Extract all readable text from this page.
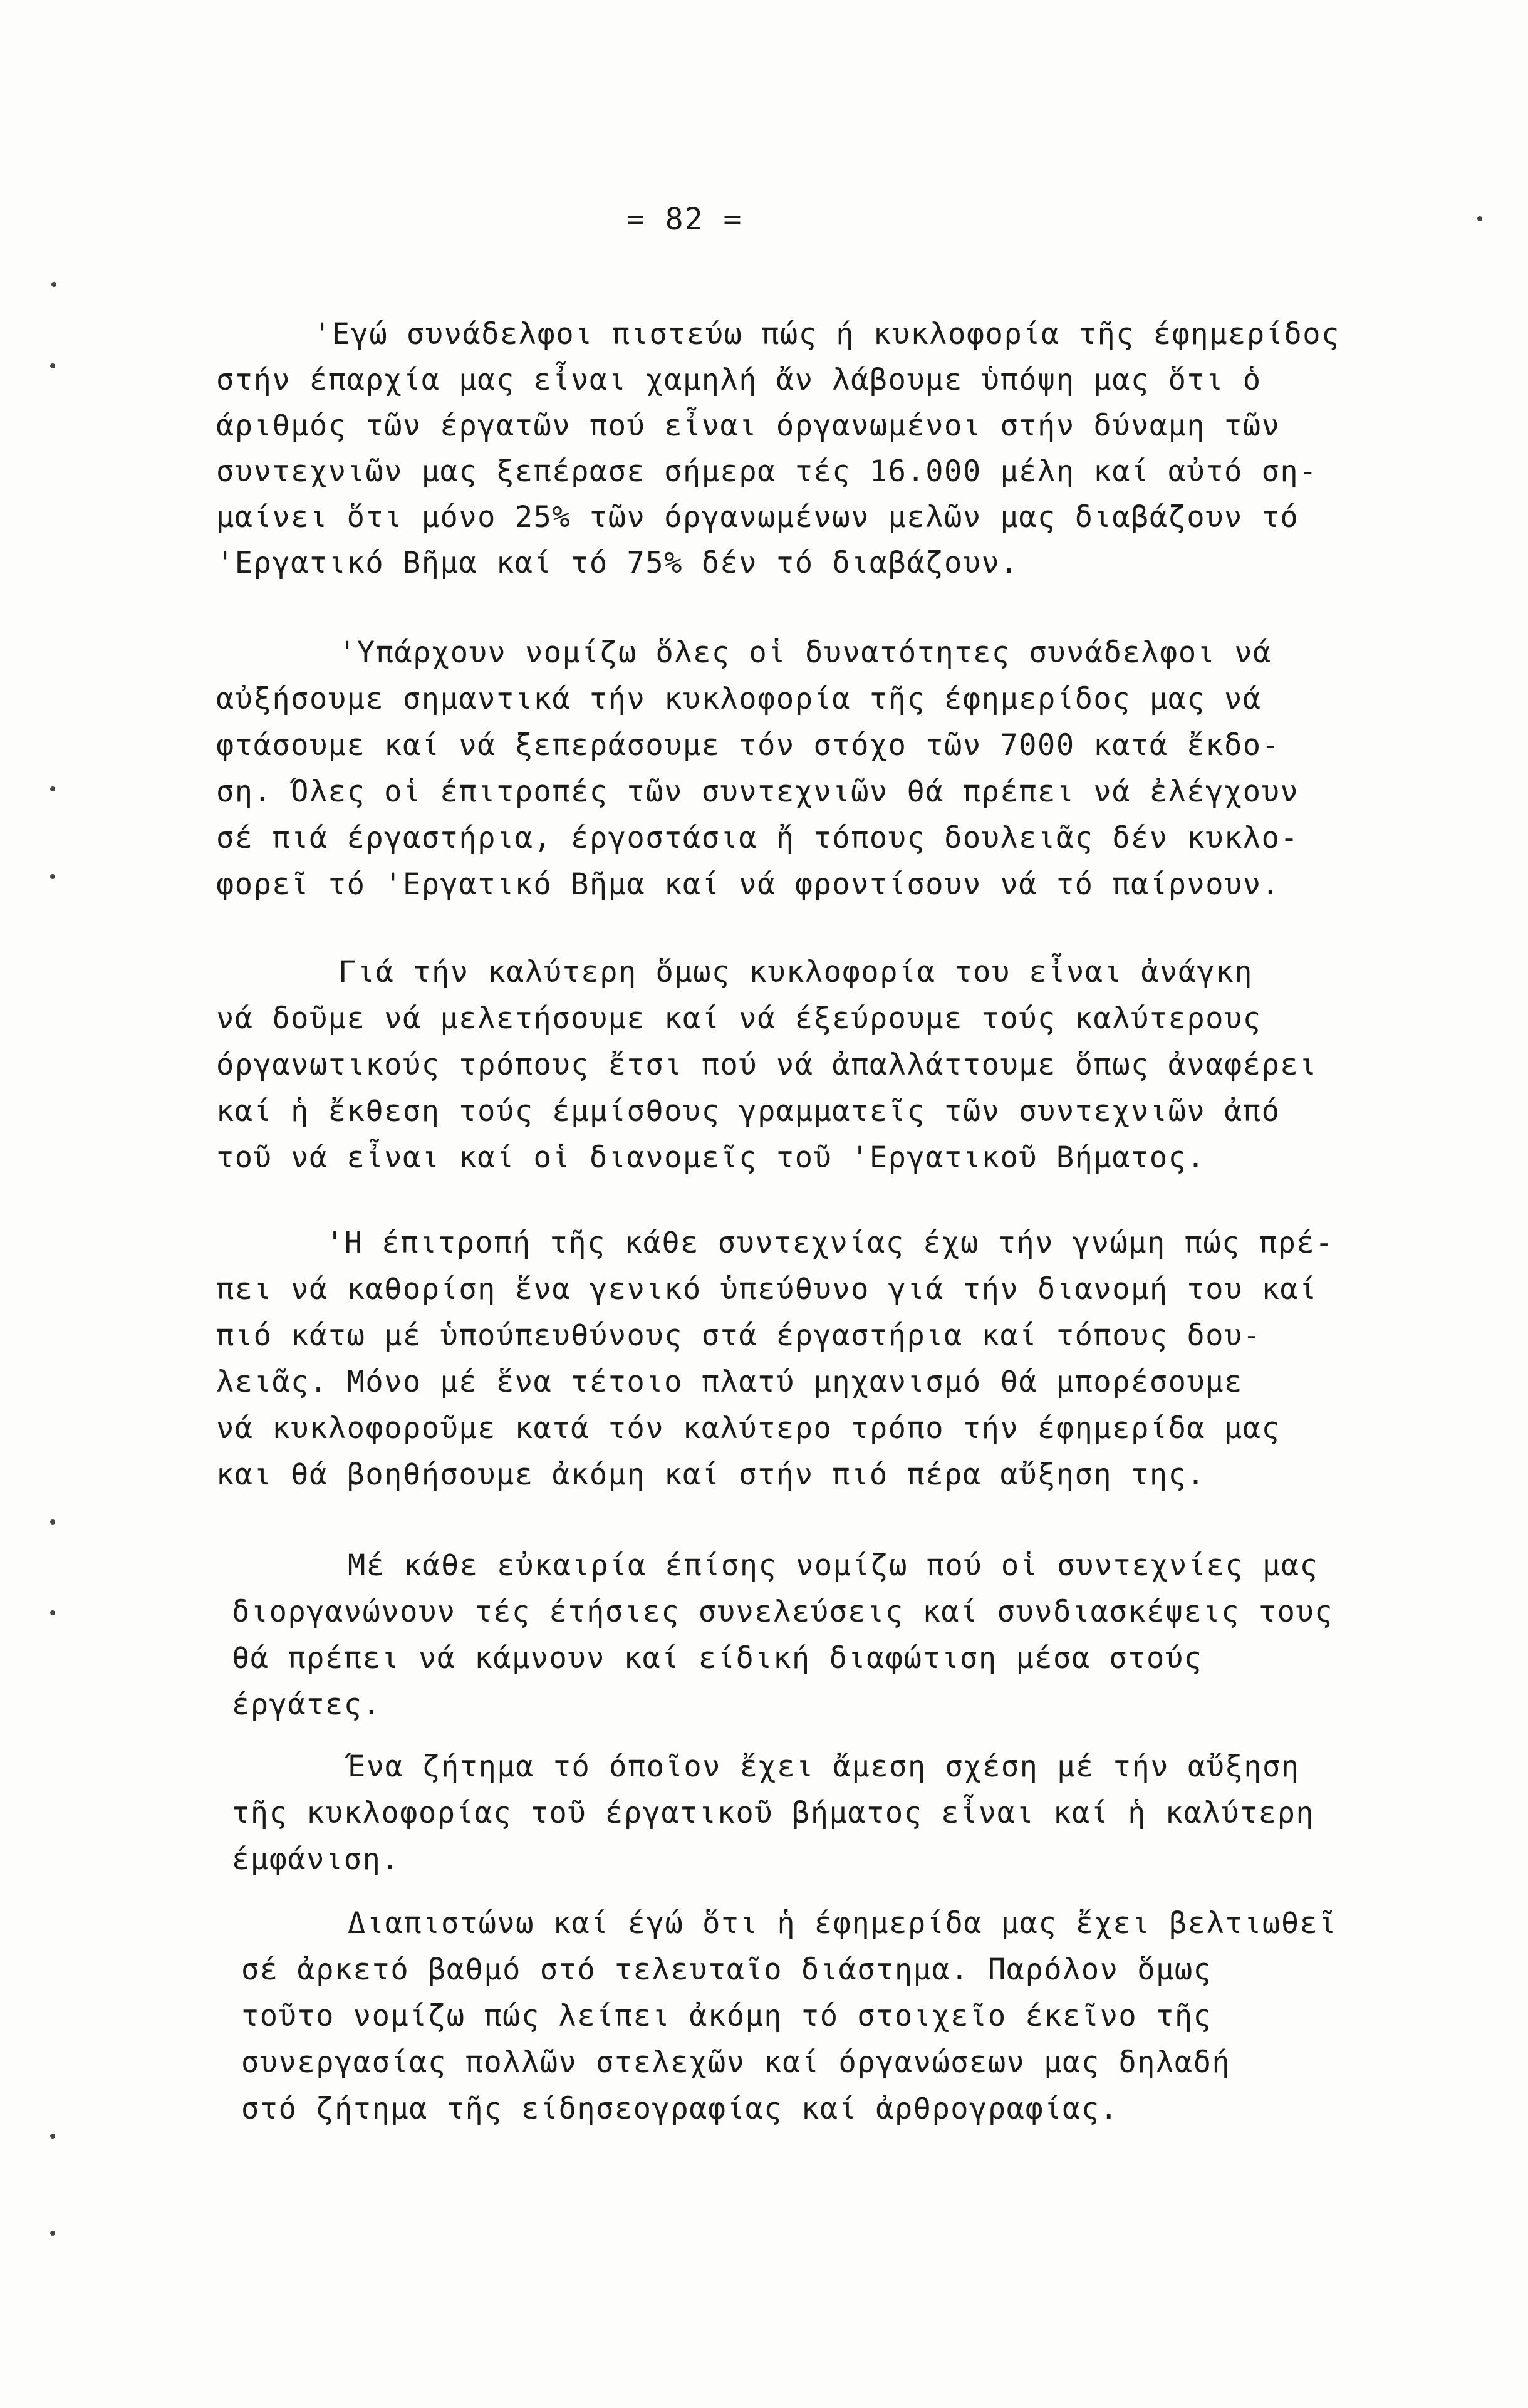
= 82 =
'Εγώ συνάδελφοι πιστεύω πώς ή κυκλοφορία τῆς έφημερίδος
στήν έπαρχία μας εἶναι χαμηλή ἄν λάβουμε ὑπόψη μας ὅτι ὁ
άριθμός τῶν έργατῶν πού εἶναι όργανωμένοι στήν δύναμη τῶν
συντεχνιῶν μας ξεπέρασε σήμερα τές 16.000 μέλη καί αὐτό ση-
μαίνει ὅτι μόνο 25% τῶν όργανωμένων μελῶν μας διαβάζουν τό
'Εργατικό Βῆμα καί τό 75% δέν τό διαβάζουν.
'Υπάρχουν νομίζω ὅλες οἱ δυνατότητες συνάδελφοι νά
αὐξήσουμε σημαντικά τήν κυκλοφορία τῆς έφημερίδος μας νά
φτάσουμε καί νά ξεπεράσουμε τόν στόχο τῶν 7000 κατά ἔκδο-
ση. Όλες οἱ έπιτροπές τῶν συντεχνιῶν θά πρέπει νά ἐλέγχουν
σέ πιά έργαστήρια, έργοστάσια ἤ τόπους δουλειᾶς δέν κυκλο-
φορεῖ τό 'Εργατικό Βῆμα καί νά φροντίσουν νά τό παίρνουν.
Γιά τήν καλύτερη ὅμως κυκλοφορία του εἶναι ἀνάγκη
νά δοῦμε νά μελετήσουμε καί νά έξεύρουμε τούς καλύτερους
όργανωτικούς τρόπους ἔτσι πού νά ἀπαλλάττουμε ὅπως ἀναφέρει
καί ἡ ἔκθεση τούς έμμίσθους γραμματεῖς τῶν συντεχνιῶν ἀπό
τοῦ νά εἶναι καί οἱ διανομεῖς τοῦ 'Εργατικοῦ Βήματος.
'Η έπιτροπή τῆς κάθε συντεχνίας έχω τήν γνώμη πώς πρέ-
πει νά καθορίση ἕνα γενικό ὑπεύθυνο γιά τήν διανομή του καί
πιό κάτω μέ ὑπούπευθύνους στά έργαστήρια καί τόπους δου-
λειᾶς. Μόνο μέ ἕνα τέτοιο πλατύ μηχανισμό θά μπορέσουμε
νά κυκλοφοροῦμε κατά τόν καλύτερο τρόπο τήν έφημερίδα μας
και θά βοηθήσουμε ἀκόμη καί στήν πιό πέρα αὔξηση της.
Μέ κάθε εὐκαιρία έπίσης νομίζω πού οἱ συντεχνίες μας
διοργανώνουν τές έτήσιες συνελεύσεις καί συνδιασκέψεις τους
θά πρέπει νά κάμνουν καί είδική διαφώτιση μέσα στούς
έργάτες.
Ένα ζήτημα τό όποῖον ἔχει ἄμεση σχέση μέ τήν αὔξηση
τῆς κυκλοφορίας τοῦ έργατικοῦ βήματος εἶναι καί ἡ καλύτερη
έμφάνιση.
Διαπιστώνω καί έγώ ὅτι ἡ έφημερίδα μας ἔχει βελτιωθεῖ
σέ ἀρκετό βαθμό στό τελευταῖο διάστημα. Παρόλον ὅμως
τοῦτο νομίζω πώς λείπει ἀκόμη τό στοιχεῖο έκεῖνο τῆς
συνεργασίας πολλῶν στελεχῶν καί όργανώσεων μας δηλαδή
στό ζήτημα τῆς είδησεογραφίας καί ἀρθρογραφίας.
